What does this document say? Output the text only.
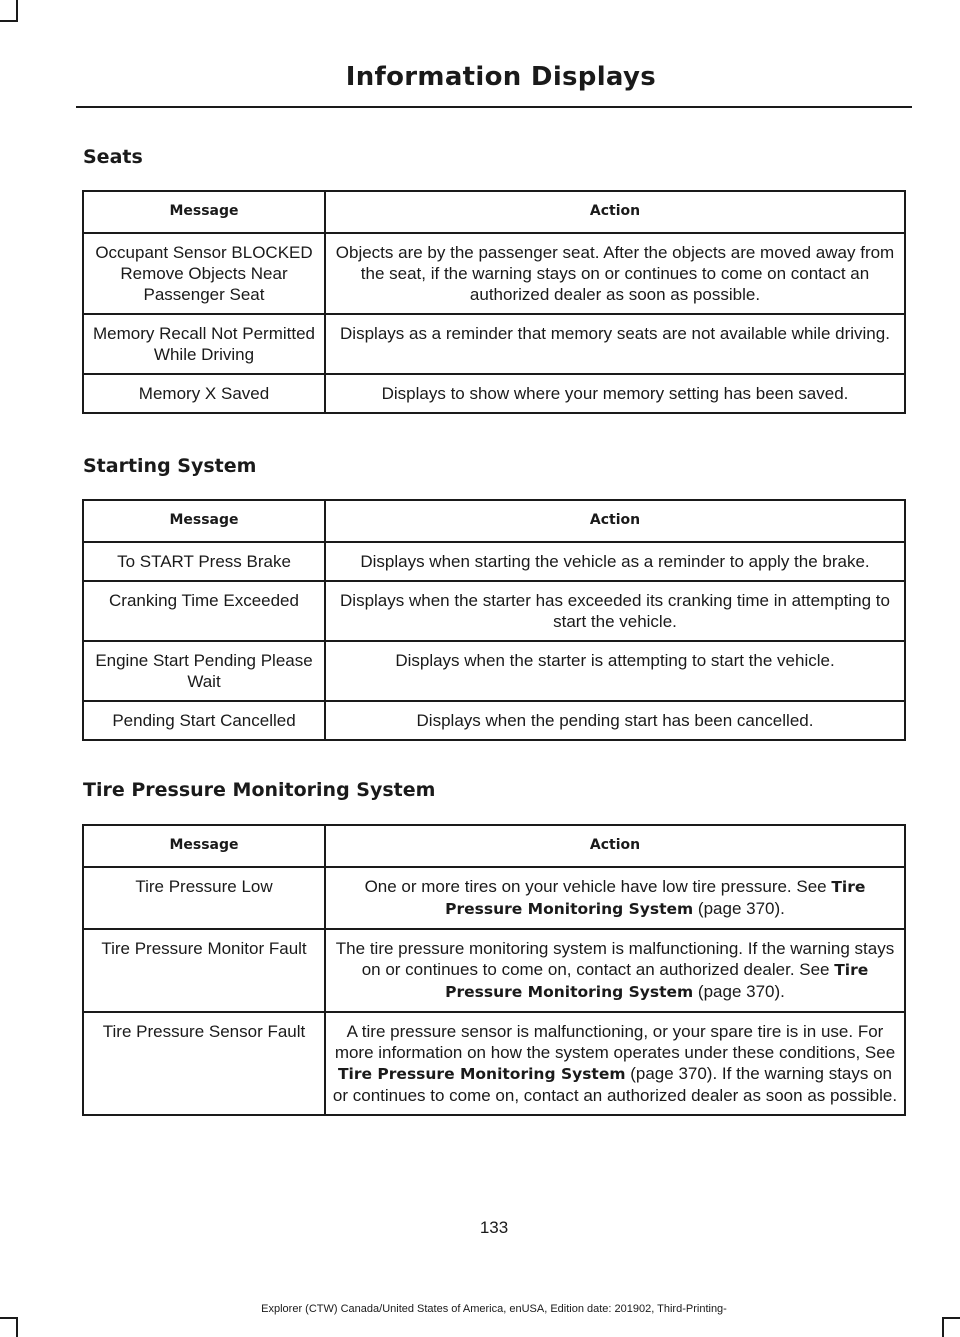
Information Displays
Seats
Message	Action
Occupant Sensor BLOCKED Remove Objects Near Passenger Seat	Objects are by the passenger seat. After the objects are moved away from the seat, if the warning stays on or continues to come on contact an authorized dealer as soon as possible.
Memory Recall Not Permitted While Driving	Displays as a reminder that memory seats are not available while driving.
Memory X Saved	Displays to show where your memory setting has been saved.
Starting System
Message	Action
To START Press Brake	Displays when starting the vehicle as a reminder to apply the brake.
Cranking Time Exceeded	Displays when the starter has exceeded its cranking time in attempting to start the vehicle.
Engine Start Pending Please Wait	Displays when the starter is attempting to start the vehicle.
Pending Start Cancelled	Displays when the pending start has been cancelled.
Tire Pressure Monitoring System
Message	Action
Tire Pressure Low	One or more tires on your vehicle have low tire pressure. See Tire Pressure Monitoring System (page 370).
Tire Pressure Monitor Fault	The tire pressure monitoring system is malfunctioning. If the warning stays on or continues to come on, contact an authorized dealer. See Tire Pressure Monitoring System (page 370).
Tire Pressure Sensor Fault	A tire pressure sensor is malfunctioning, or your spare tire is in use. For more information on how the system operates under these conditions, See Tire Pressure Monitoring System (page 370). If the warning stays on or continues to come on, contact an authorized dealer as soon as possible.
133
Explorer (CTW) Canada/United States of America, enUSA, Edition date: 201902, Third-Printing-
